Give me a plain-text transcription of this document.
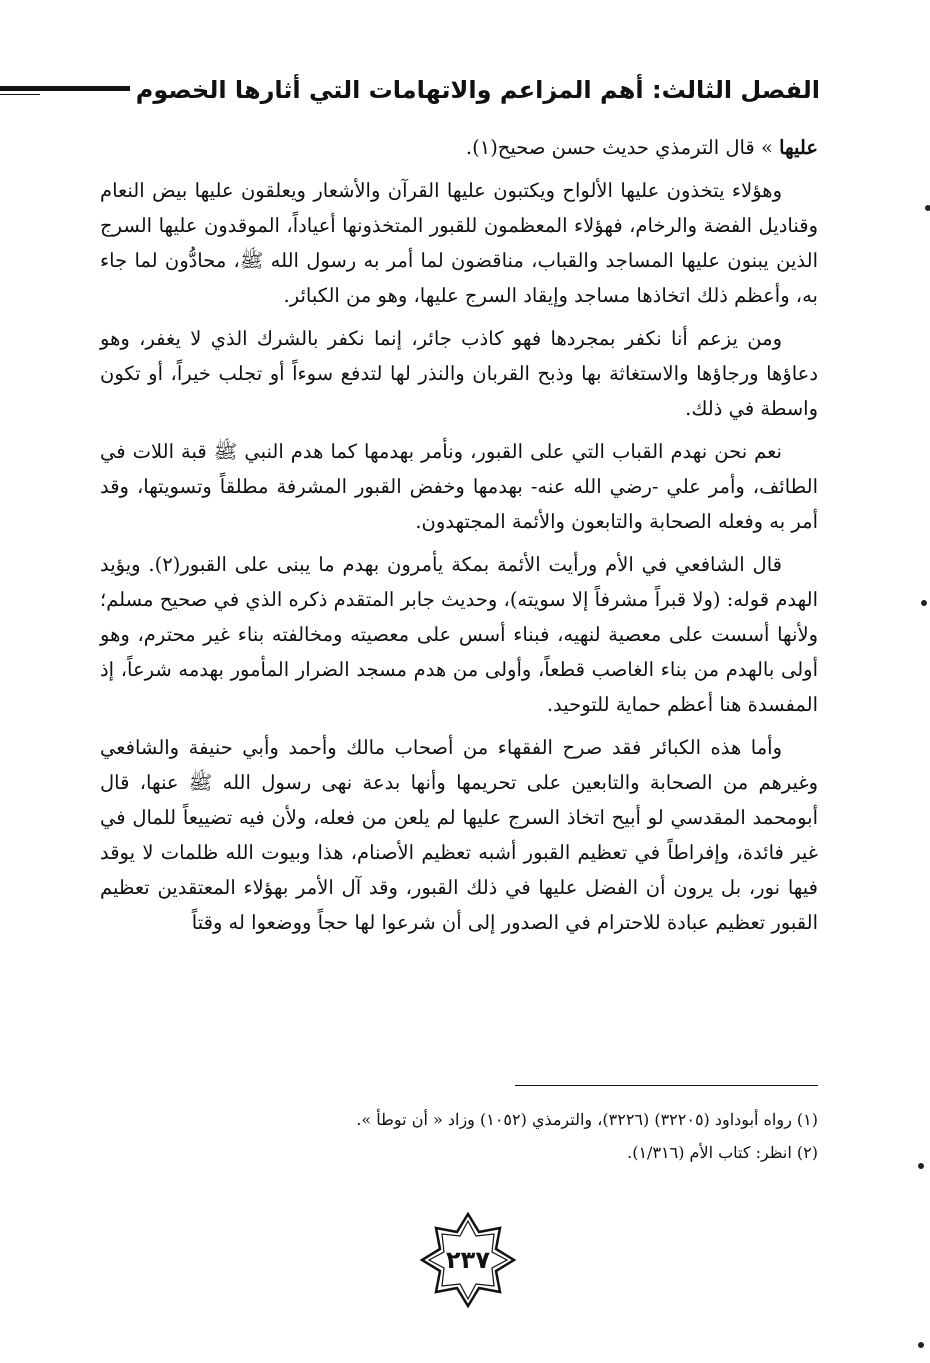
الفصل الثالث: أهم المزاعم والاتهامات التي أثارها الخصوم

عليها » قال الترمذي حديث حسن صحيح(١).

وهؤلاء يتخذون عليها الألواح ويكتبون عليها القرآن والأشعار ويعلقون عليها بيض النعام وقناديل الفضة والرخام، فهؤلاء المعظمون للقبور المتخذونها أعياداً، الموقدون عليها السرج الذين يبنون عليها المساجد والقباب، مناقضون لما أمر به رسول الله ﷺ، محادُّون لما جاء به، وأعظم ذلك اتخاذها مساجد وإيقاد السرج عليها، وهو من الكبائر.

ومن يزعم أنا نكفر بمجردها فهو كاذب جائر، إنما نكفر بالشرك الذي لا يغفر، وهو دعاؤها ورجاؤها والاستغاثة بها وذبح القربان والنذر لها لتدفع سوءاً أو تجلب خيراً، أو تكون واسطة في ذلك.

نعم نحن نهدم القباب التي على القبور، ونأمر بهدمها كما هدم النبي ﷺ قبة اللات في الطائف، وأمر علي -رضي الله عنه- بهدمها وخفض القبور المشرفة مطلقاً وتسويتها، وقد أمر به وفعله الصحابة والتابعون والأئمة المجتهدون.

قال الشافعي في الأم ورأيت الأئمة بمكة يأمرون بهدم ما يبنى على القبور(٢). ويؤيد الهدم قوله: (ولا قبراً مشرفاً إلا سويته)، وحديث جابر المتقدم ذكره الذي في صحيح مسلم؛ ولأنها أسست على معصية لنهيه، فبناء أسس على معصيته ومخالفته بناء غير محترم، وهو أولى بالهدم من بناء الغاصب قطعاً، وأولى من هدم مسجد الضرار المأمور بهدمه شرعاً، إذ المفسدة هنا أعظم حماية للتوحيد.

وأما هذه الكبائر فقد صرح الفقهاء من أصحاب مالك وأحمد وأبي حنيفة والشافعي وغيرهم من الصحابة والتابعين على تحريمها وأنها بدعة نهى رسول الله ﷺ عنها، قال أبومحمد المقدسي لو أبيح اتخاذ السرج عليها لم يلعن من فعله، ولأن فيه تضييعاً للمال في غير فائدة، وإفراطاً في تعظيم القبور أشبه تعظيم الأصنام، هذا وبيوت الله ظلمات لا يوقد فيها نور، بل يرون أن الفضل عليها في ذلك القبور، وقد آل الأمر بهؤلاء المعتقدين تعظيم القبور تعظيم عبادة للاحترام في الصدور إلى أن شرعوا لها حجاً ووضعوا له وقتاً

(١) رواه أبوداود (٣٢٢٠٥) (٣٢٢٦)، والترمذي (١٠٥٢) وزاد « أن توطأ ».
(٢) انظر: كتاب الأم (١/٣١٦).
٢٣٧
